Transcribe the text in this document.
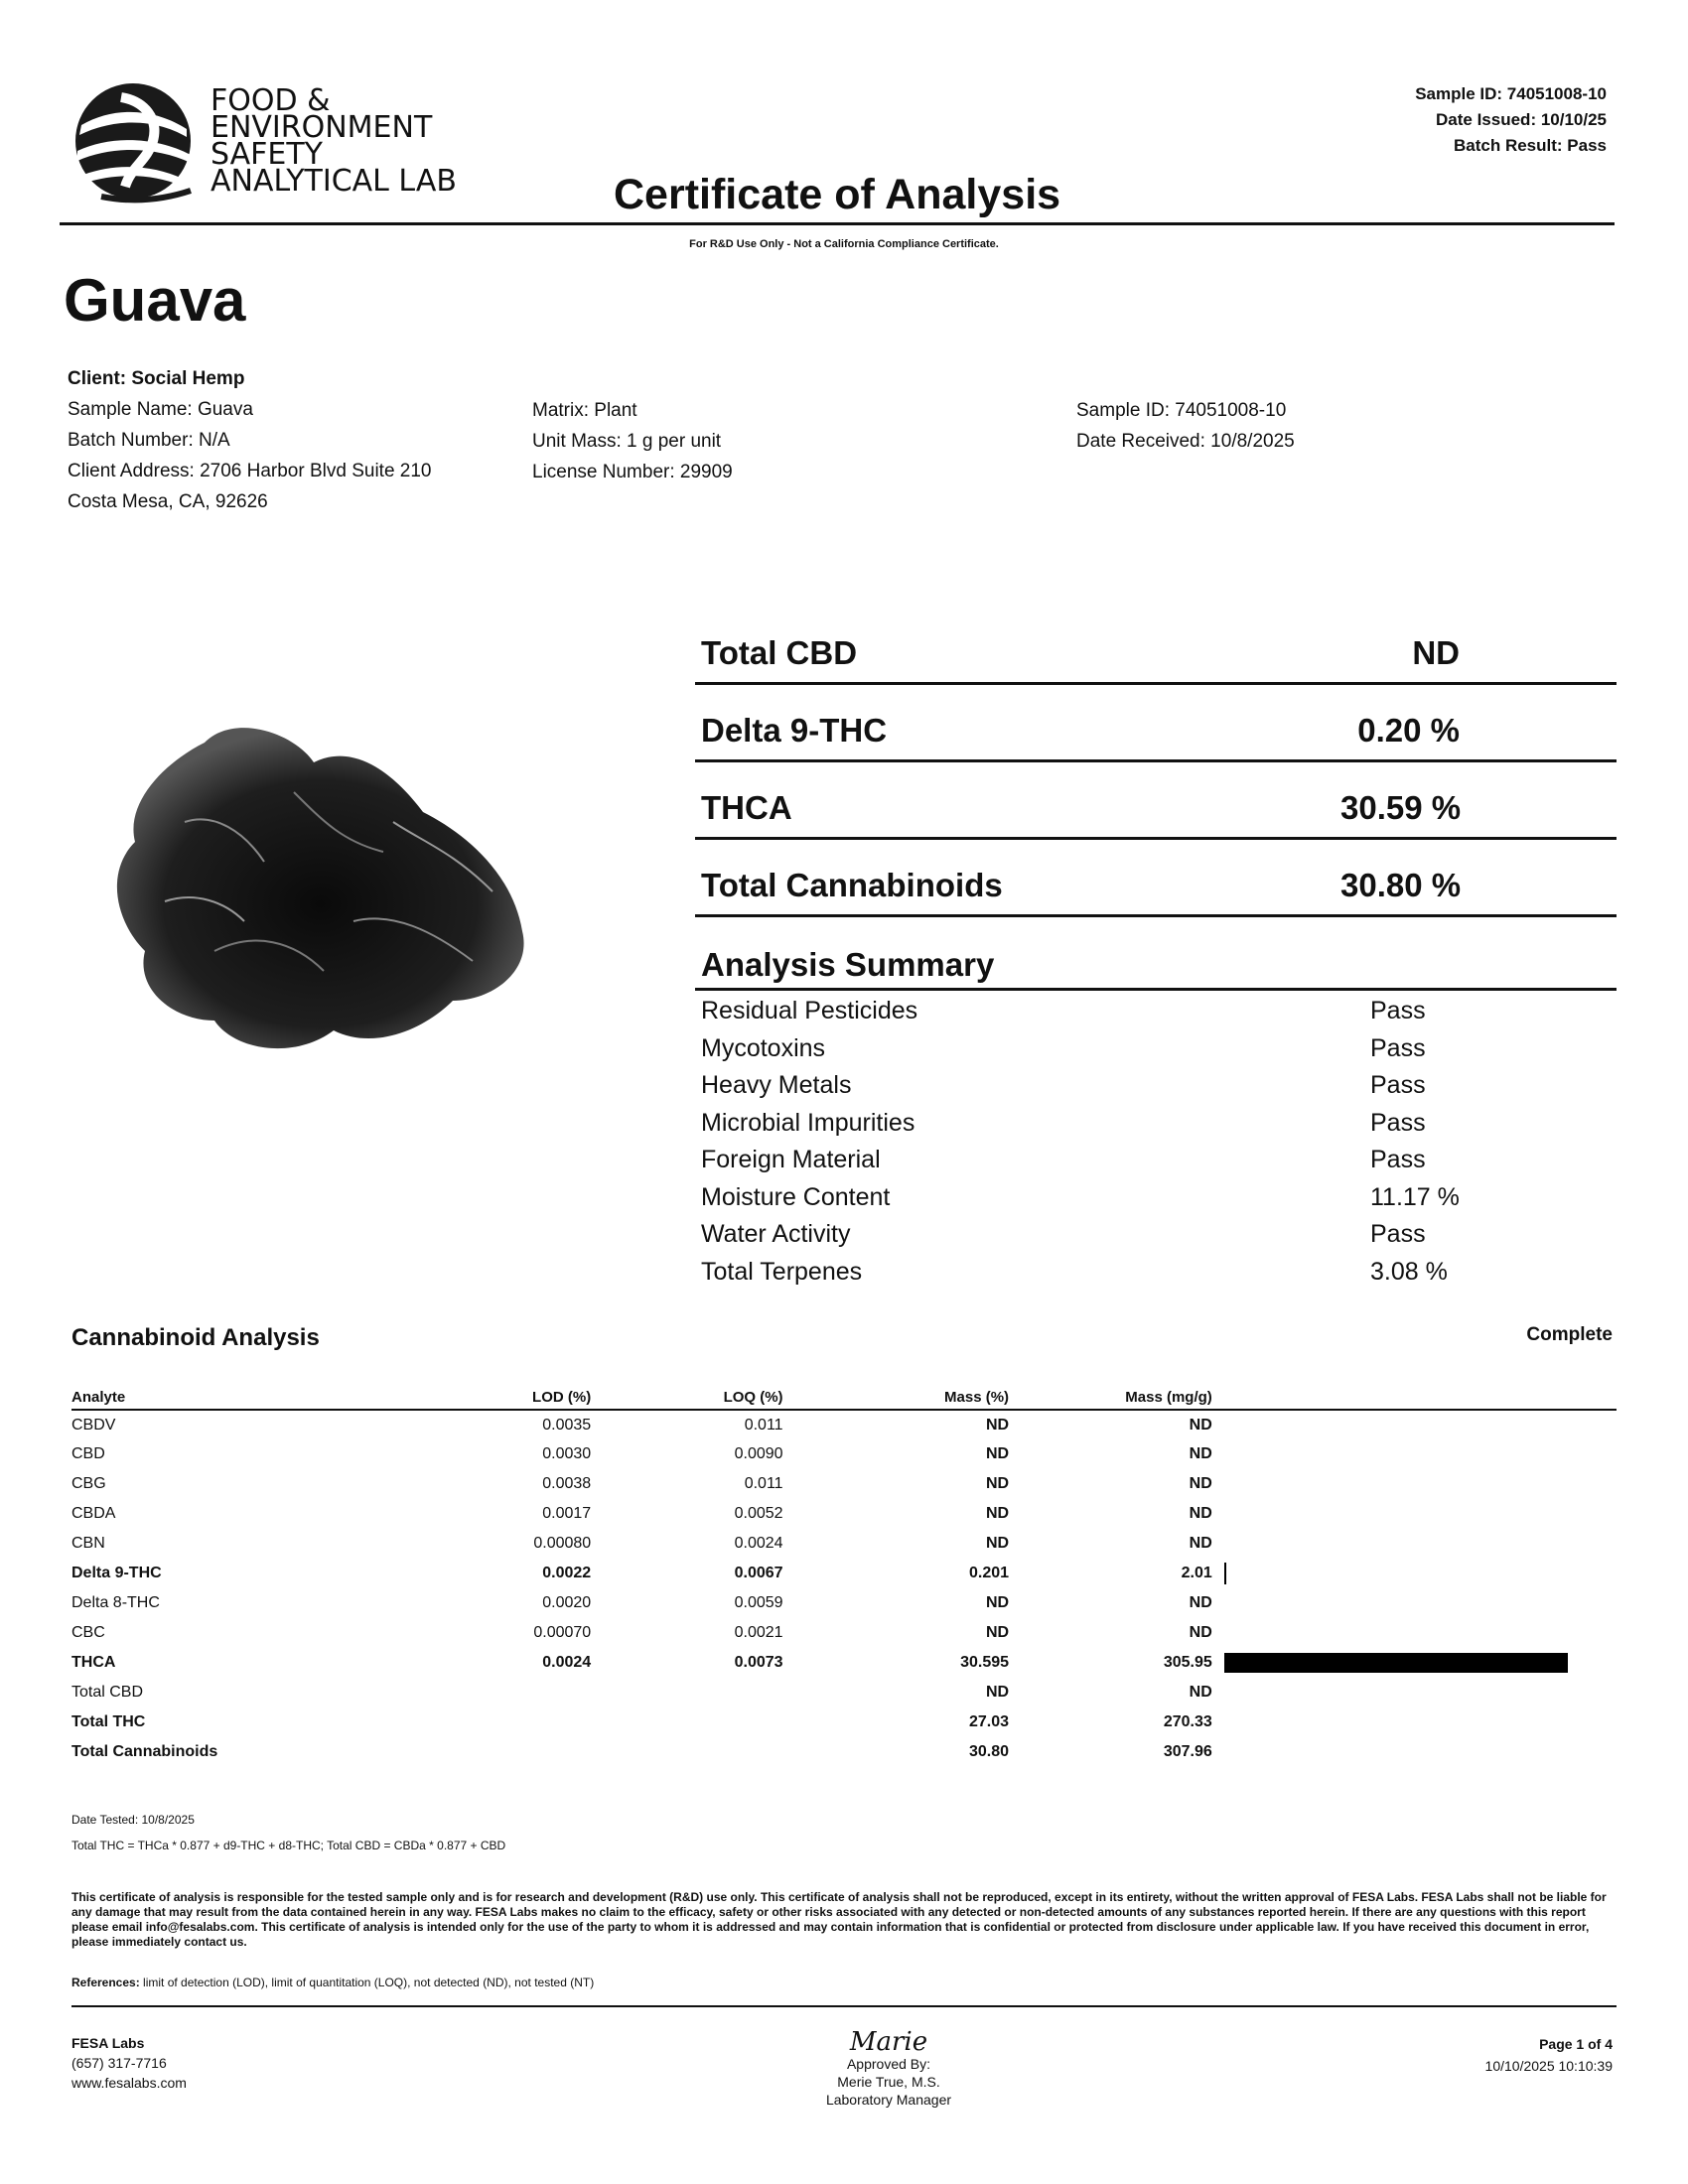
FOOD &
ENVIRONMENT
SAFETY
ANALYTICAL LAB	Certificate of Analysis
Sample ID: 74051008-10
Date Issued: 10/10/25
Batch Result: Pass
For R&D Use Only - Not a California Compliance Certificate.
Guava
Client: Social Hemp
Sample Name: Guava
Batch Number: N/A
Client Address: 2706 Harbor Blvd Suite 210
Costa Mesa, CA, 92626
Matrix: Plant
Unit Mass: 1 g per unit
License Number: 29909
Sample ID: 74051008-10
Date Received: 10/8/2025
Total CBD	ND
Delta 9-THC	0.20 %
THCA	30.59 %
Total Cannabinoids	30.80 %
Analysis Summary
Residual Pesticides	Pass
Mycotoxins	Pass
Heavy Metals	Pass
Microbial Impurities	Pass
Foreign Material	Pass
Moisture Content	11.17 %
Water Activity	Pass
Total Terpenes	3.08 %
Cannabinoid Analysis	Complete
Analyte	LOD (%)	LOQ (%)	Mass (%)	Mass (mg/g)	
CBDV	0.0035	0.011	ND	ND	
CBD	0.0030	0.0090	ND	ND	
CBG	0.0038	0.011	ND	ND	
CBDA	0.0017	0.0052	ND	ND	
CBN	0.00080	0.0024	ND	ND	
Delta 9-THC	0.0022	0.0067	0.201	2.01	
Delta 8-THC	0.0020	0.0059	ND	ND	
CBC	0.00070	0.0021	ND	ND	
THCA	0.0024	0.0073	30.595	305.95	
Total CBD			ND	ND	
Total THC			27.03	270.33	
Total Cannabinoids			30.80	307.96	
Date Tested: 10/8/2025
Total THC = THCa * 0.877 + d9-THC + d8-THC; Total CBD = CBDa * 0.877 + CBD
This certificate of analysis is responsible for the tested sample only and is for research and development (R&D) use only. This certificate of analysis shall not be reproduced, except in its entirety, without the written approval of FESA Labs. FESA Labs shall not be liable for any damage that may result from the data contained herein in any way. FESA Labs makes no claim to the efficacy, safety or other risks associated with any detected or non-detected amounts of any substances reported herein. If there are any questions with this report please email info@fesalabs.com. This certificate of analysis is intended only for the use of the party to whom it is addressed and may contain information that is confidential or protected from disclosure under applicable law. If you have received this document in error, please immediately contact us.
References: limit of detection (LOD), limit of quantitation (LOQ), not detected (ND), not tested (NT)
FESA Labs
(657) 317-7716
www.fesalabs.com
Marie
Approved By:
Merie True, M.S.
Laboratory Manager
Page 1 of 4
10/10/2025 10:10:39
